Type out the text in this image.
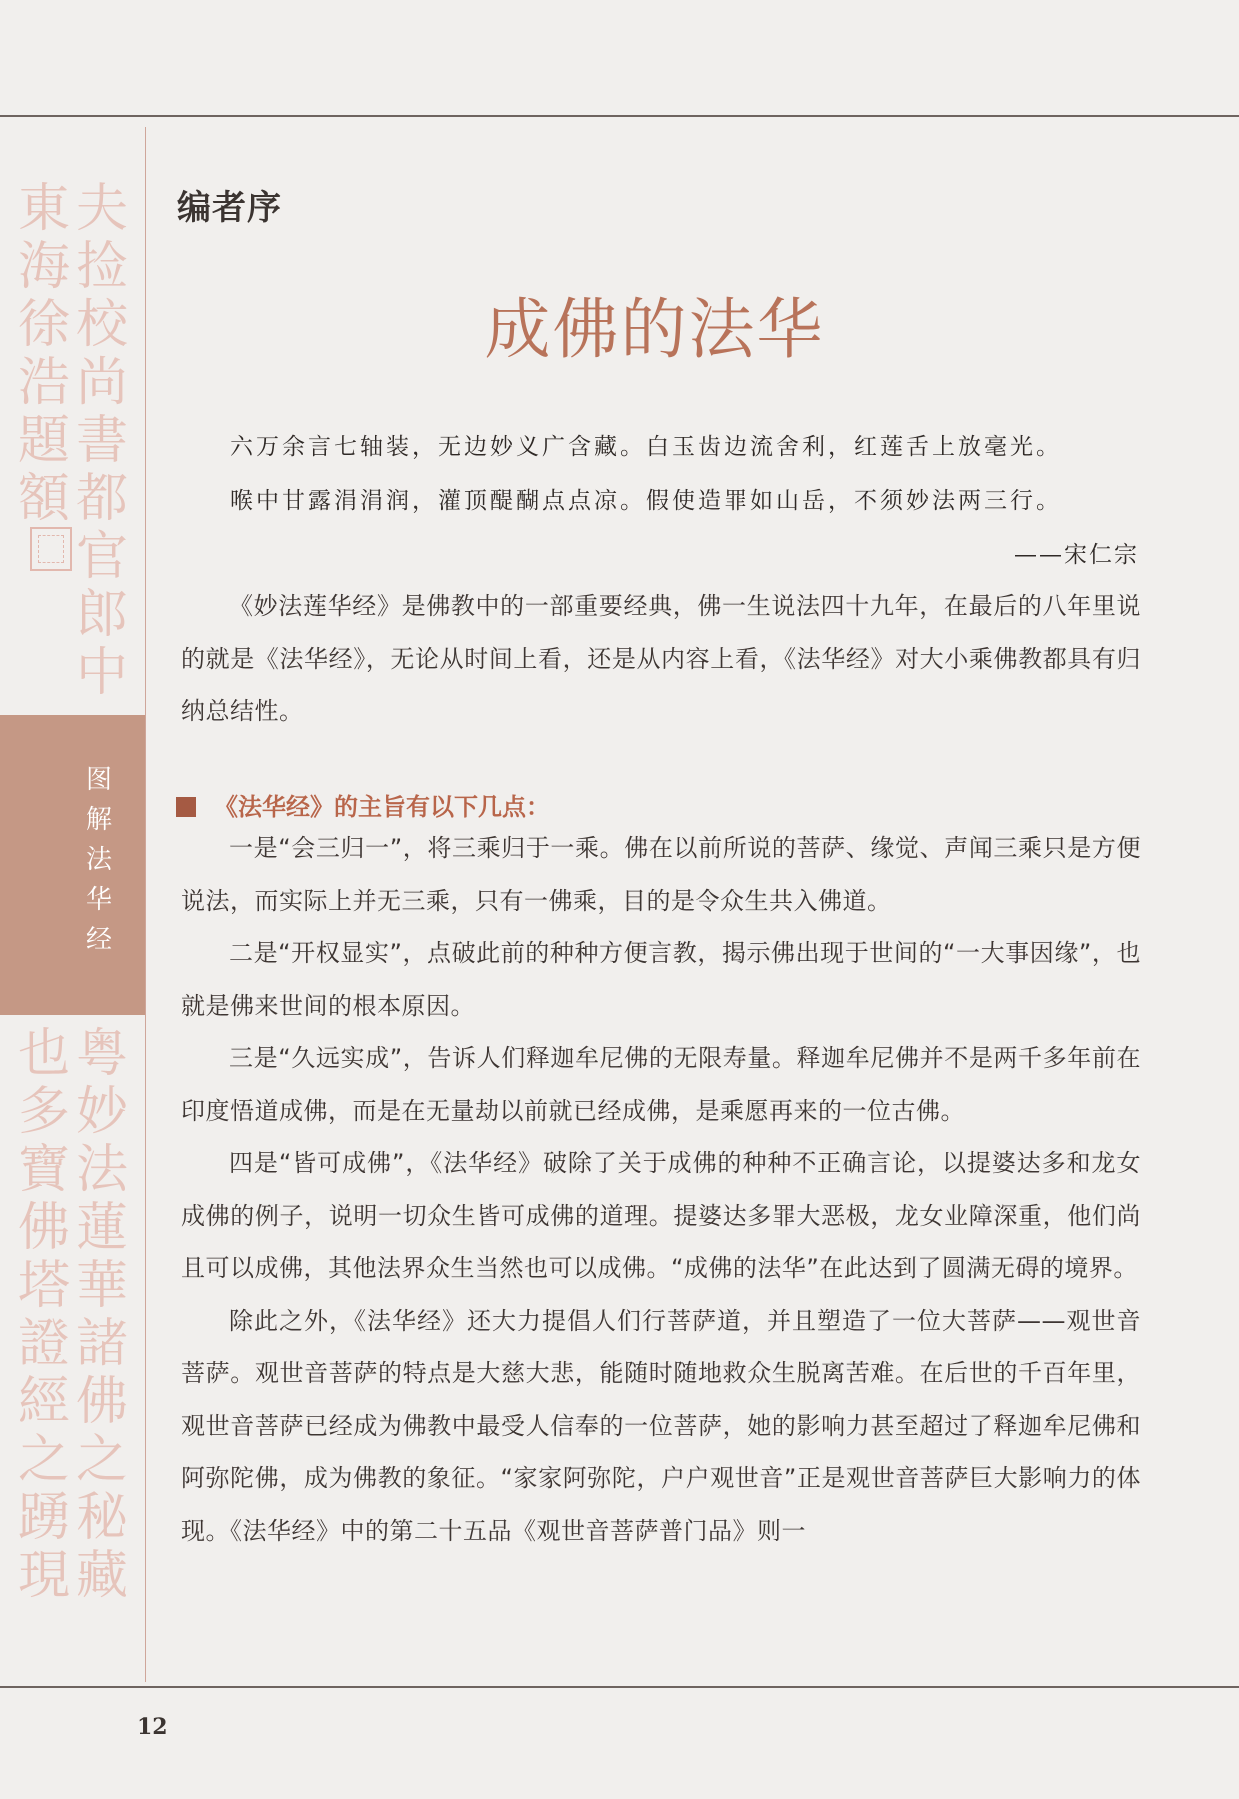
夫捡校尚書都官郎中
東海徐浩題額
粤妙法蓮華諸佛之秘藏
也多寶佛塔證經之踴現
图解法华经
编者序
成佛的法华
六万余言七轴装，无边妙义广含藏。白玉齿边流舍利，红莲舌上放毫光。
喉中甘露涓涓润，灌顶醍醐点点凉。假使造罪如山岳，不须妙法两三行。
——宋仁宗

《妙法莲华经》是佛教中的一部重要经典，佛一生说法四十九年，在最后的八年里说的就是《法华经》，无论从时间上看，还是从内容上看，《法华经》对大小乘佛教都具有归纳总结性。

《法华经》的主旨有以下几点：

一是“会三归一”，将三乘归于一乘。佛在以前所说的菩萨、缘觉、声闻三乘只是方便说法，而实际上并无三乘，只有一佛乘，目的是令众生共入佛道。

二是“开权显实”，点破此前的种种方便言教，揭示佛出现于世间的“一大事因缘”，也就是佛来世间的根本原因。

三是“久远实成”，告诉人们释迦牟尼佛的无限寿量。释迦牟尼佛并不是两千多年前在印度悟道成佛，而是在无量劫以前就已经成佛，是乘愿再来的一位古佛。

四是“皆可成佛”，《法华经》破除了关于成佛的种种不正确言论，以提婆达多和龙女成佛的例子，说明一切众生皆可成佛的道理。提婆达多罪大恶极，龙女业障深重，他们尚且可以成佛，其他法界众生当然也可以成佛。“成佛的法华”在此达到了圆满无碍的境界。

除此之外，《法华经》还大力提倡人们行菩萨道，并且塑造了一位大菩萨——观世音菩萨。观世音菩萨的特点是大慈大悲，能随时随地救众生脱离苦难。在后世的千百年里，观世音菩萨已经成为佛教中最受人信奉的一位菩萨，她的影响力甚至超过了释迦牟尼佛和阿弥陀佛，成为佛教的象征。“家家阿弥陀，户户观世音”正是观世音菩萨巨大影响力的体现。《法华经》中的第二十五品《观世音菩萨普门品》则一

12
